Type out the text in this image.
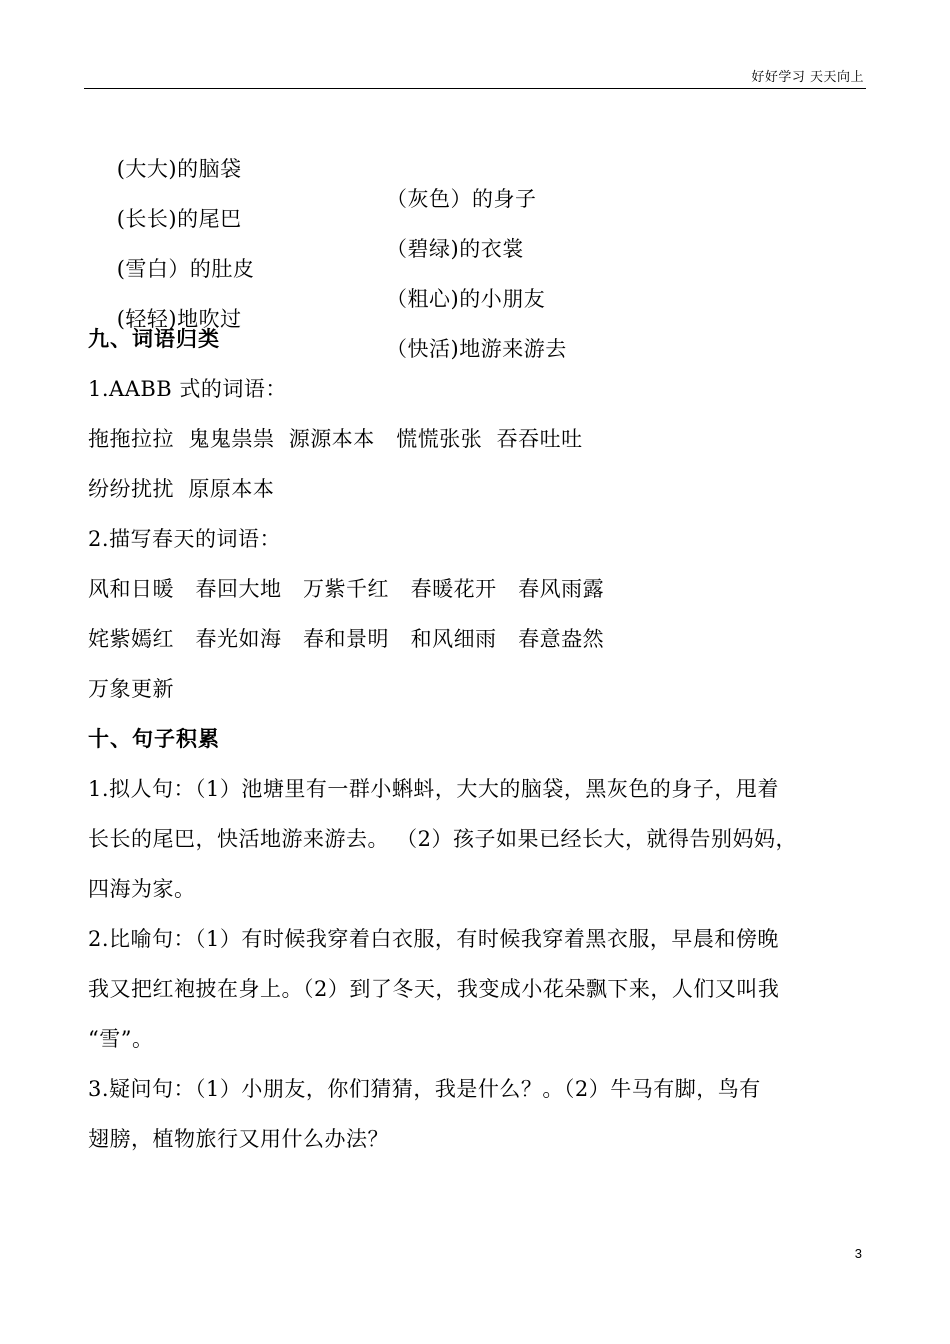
好好学习 天天向上

(大大)的脑袋

（灰色）的身子

(长长)的尾巴

（碧绿)的衣裳

(雪白）的肚皮

（粗心)的小朋友

(轻轻)地吹过

（快活)地游来游去

九、词语归类
1.AABB 式的词语：
拖拖拉拉  鬼鬼祟祟  源源本本   慌慌张张  吞吞吐吐
纷纷扰扰  原原本本
2.描写春天的词语：
风和日暖   春回大地   万紫千红   春暖花开   春风雨露
姹紫嫣红   春光如海   春和景明   和风细雨   春意盎然
万象更新
十、句子积累
1.拟人句：（1）池塘里有一群小蝌蚪，大大的脑袋，黑灰色的身子，甩着
长长的尾巴，快活地游来游去。 （2）孩子如果已经长大，就得告别妈妈，
四海为家。
2.比喻句：（1）有时候我穿着白衣服，有时候我穿着黑衣服，早晨和傍晚
我又把红袍披在身上。（2）到了冬天，我变成小花朵飘下来，人们又叫我
“雪”。
3.疑问句：（1）小朋友，你们猜猜，我是什么？。（2）牛马有脚，鸟有
翅膀，植物旅行又用什么办法？
3
